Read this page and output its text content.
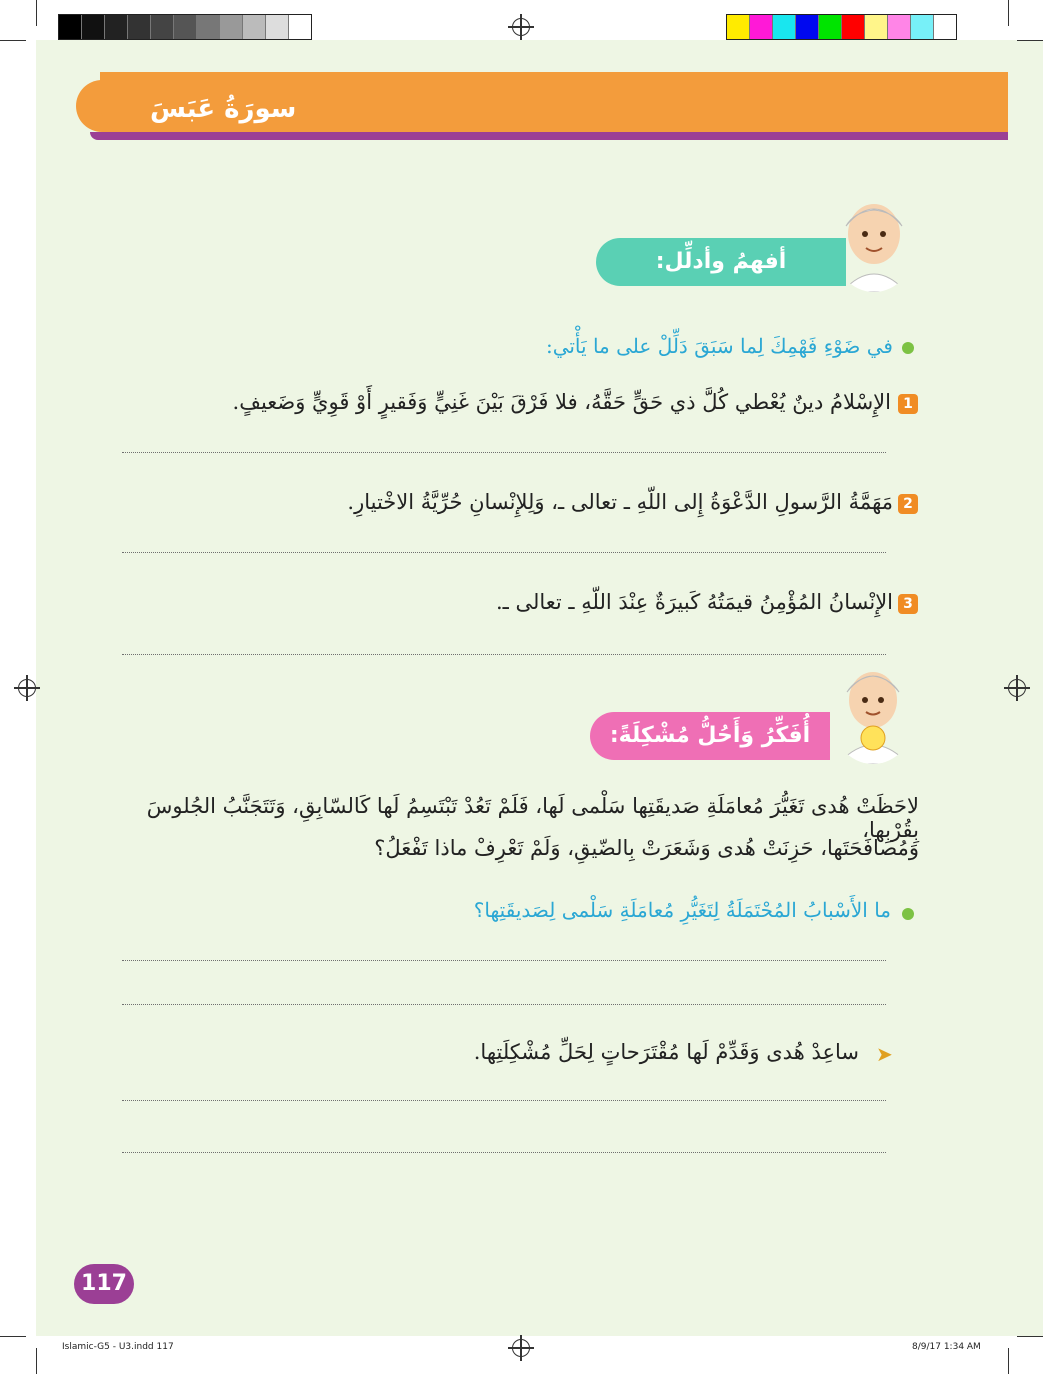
سورَةُ عَبَسَ
أفهمُ وأدلِّل:
في ضَوْءِ فَهْمِكَ لِما سَبَقَ دَلِّلْ على ما يَأْتي:
1
الإِسْلامُ دينٌ يُعْطي كُلَّ ذي حَقٍّ حَقَّهُ، فلا فَرْقَ بَيْنَ غَنِيٍّ وَفَقيرٍ أَوْ قَوِيٍّ وَضَعيفٍ.
2
مَهَمَّةُ الرَّسولِ الدَّعْوَةُ إِلى اللّهِ ـ تعالى ـ، وَلِلإِنْسانِ حُرِّيَّةُ الاخْتيارِ.
3
الإِنْسانُ المُؤْمِنُ قيمَتُهُ كَبيرَةٌ عِنْدَ اللّهِ ـ تعالى ـ.
أُفَكِّرُ وَأَحُلُّ مُشْكِلَةً:
لاحَظَتْ هُدى تَغَيُّرَ مُعامَلَةِ صَديقَتِها سَلْمى لَها، فَلَمْ تَعُدْ تَبْتَسِمُ لَها كَالسّابِقِ، وَتَتَجَنَّبُ الجُلوسَ بِقُرْبِها،
وَمُصافَحَتَها، حَزِنَتْ هُدى وَشَعَرَتْ بِالضّيقِ، وَلَمْ تَعْرِفْ ماذا تَفْعَلُ؟
ما الأَسْبابُ المُحْتَمَلَةُ لِتَغَيُّرِ مُعامَلَةِ سَلْمى لِصَديقَتِها؟
➤
ساعِدْ هُدى وَقَدِّمْ لَها مُقْتَرَحاتٍ لِحَلِّ مُشْكِلَتِها.
117
Islamic-G5 - U3.indd 117	8/9/17 1:34 AM
